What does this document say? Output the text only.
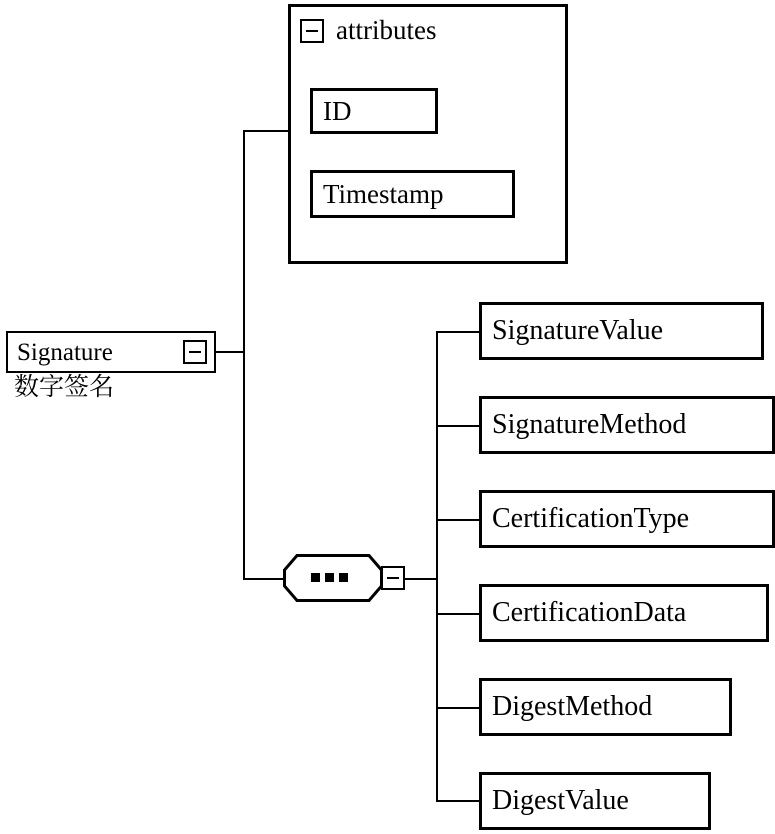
Signature
数字签名
attributes
ID
Timestamp
SignatureValue
SignatureMethod
CertificationType
CertificationData
DigestMethod
DigestValue
